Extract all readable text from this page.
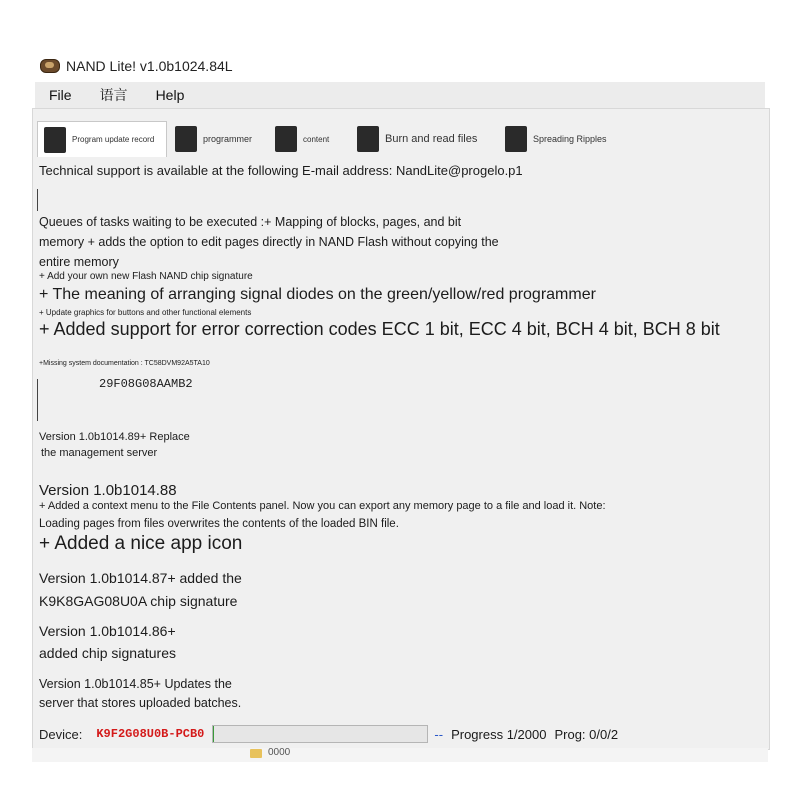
NAND Lite! v1.0b1024.84L
File	语言	Help
Program update record	programmer	content	Burn and read files	Spreading Ripples
Technical support is available at the following E-mail address: NandLite@progelo.p1
Queues of tasks waiting to be executed :+ Mapping of blocks, pages, and bit
memory + adds the option to edit pages directly in NAND Flash without copying the
entire memory
+ Add your own new Flash NAND chip signature
+ The meaning of arranging signal diodes on the green/yellow/red programmer
+ Update graphics for buttons and other functional elements
+ Added support for error correction codes ECC 1 bit, ECC 4 bit, BCH 4 bit, BCH 8 bit
+Missing system documentation : TC58DVM92A5TA10
29F08G08AAMB2
Version 1.0b1014.89+ Replace
the management server
Version 1.0b1014.88
+ Added a context menu to the File Contents panel. Now you can export any memory page to a file and load it. Note:
Loading pages from files overwrites the contents of the loaded BIN file.
+ Added a nice app icon
Version 1.0b1014.87+ added the
K9K8GAG08U0A chip signature
Version 1.0b1014.86+
added chip signatures
Version 1.0b1014.85+ Updates the
server that stores uploaded batches.
Device: K9F2G08U0B-PCB0	-- Progress 1/2000 Prog: 0/0/2
0000
